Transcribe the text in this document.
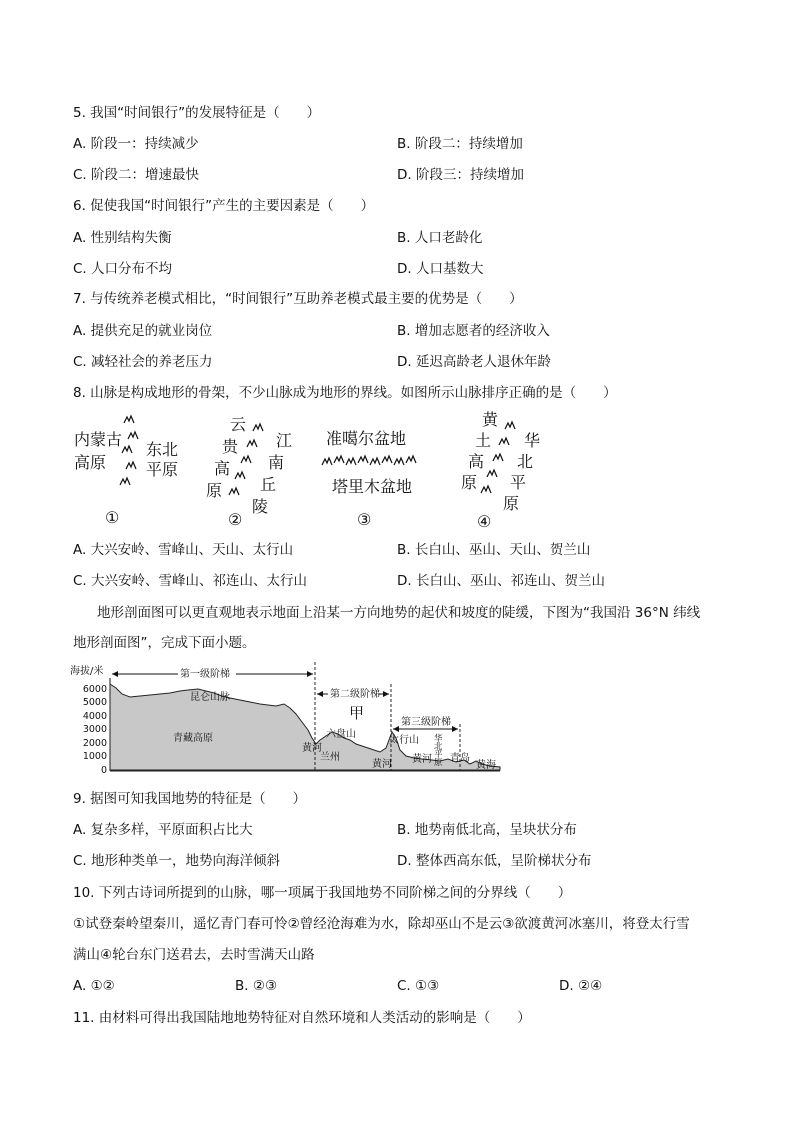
5. 我国“时间银行”的发展特征是（　　）
A. 阶段一：持续减少	B. 阶段二：持续增加
C. 阶段二：增速最快	D. 阶段三：持续增加
6. 促使我国“时间银行”产生的主要因素是（　　）
A. 性别结构失衡	B. 人口老龄化
C. 人口分布不均	D. 人口基数大
7. 与传统养老模式相比，“时间银行”互助养老模式最主要的优势是（　　）
A. 提供充足的就业岗位	B. 增加志愿者的经济收入
C. 减轻社会的养老压力	D. 延迟高龄老人退休年龄
8. 山脉是构成地形的骨架，不少山脉成为地形的界线。如图所示山脉排序正确的是（　　）
内蒙古
高原
东北
平原
①
云
贵
高
原
江
南
丘
陵
②
准噶尔盆地
塔里木盆地
③
黄
土
高
原
华
北
平
原
④
A. 大兴安岭、雪峰山、天山、太行山	B. 长白山、巫山、天山、贺兰山
C. 大兴安岭、雪峰山、祁连山、太行山	D. 长白山、巫山、祁连山、贺兰山
地形剖面图可以更直观地表示地面上沿某一方向地势的起伏和坡度的陡缓，下图为“我国沿 36°N 纬线
地形剖面图”，完成下面小题。
海拔/米
6000
5000
4000
3000
2000
1000
0
第一级阶梯
第二级阶梯
第三级阶梯
昆仑山脉
青藏高原
甲
六盘山
太行山
黄河
兰州
黄河 黄河
华
北
平
原 青岛
黄海
9. 据图可知我国地势的特征是（　　）
A. 复杂多样，平原面积占比大	B. 地势南低北高，呈块状分布
C. 地形种类单一，地势向海洋倾斜	D. 整体西高东低，呈阶梯状分布
10. 下列古诗词所提到的山脉，哪一项属于我国地势不同阶梯之间的分界线（　　）
①试登秦岭望秦川，遥忆青门春可怜②曾经沧海难为水，除却巫山不是云③欲渡黄河冰塞川，将登太行雪
满山④轮台东门送君去，去时雪满天山路
A. ①②	B. ②③	C. ①③	D. ②④
11. 由材料可得出我国陆地地势特征对自然环境和人类活动的影响是（　　）
